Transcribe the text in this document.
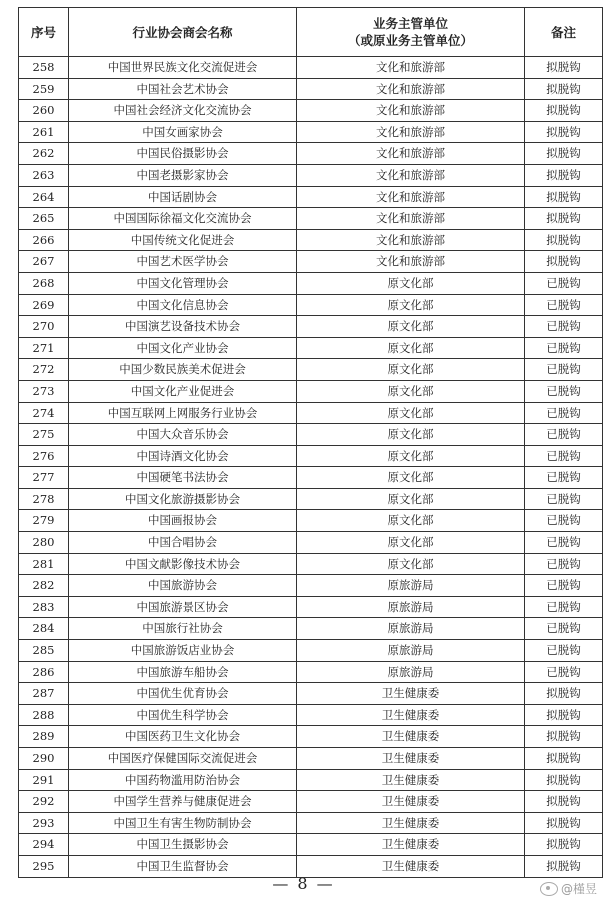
序号	行业协会商会名称	业务主管单位
（或原业务主管单位）	备注
258	中国世界民族文化交流促进会	文化和旅游部	拟脱钩
259	中国社会艺术协会	文化和旅游部	拟脱钩
260	中国社会经济文化交流协会	文化和旅游部	拟脱钩
261	中国女画家协会	文化和旅游部	拟脱钩
262	中国民俗摄影协会	文化和旅游部	拟脱钩
263	中国老摄影家协会	文化和旅游部	拟脱钩
264	中国话剧协会	文化和旅游部	拟脱钩
265	中国国际徐福文化交流协会	文化和旅游部	拟脱钩
266	中国传统文化促进会	文化和旅游部	拟脱钩
267	中国艺术医学协会	文化和旅游部	拟脱钩
268	中国文化管理协会	原文化部	已脱钩
269	中国文化信息协会	原文化部	已脱钩
270	中国演艺设备技术协会	原文化部	已脱钩
271	中国文化产业协会	原文化部	已脱钩
272	中国少数民族美术促进会	原文化部	已脱钩
273	中国文化产业促进会	原文化部	已脱钩
274	中国互联网上网服务行业协会	原文化部	已脱钩
275	中国大众音乐协会	原文化部	已脱钩
276	中国诗酒文化协会	原文化部	已脱钩
277	中国硬笔书法协会	原文化部	已脱钩
278	中国文化旅游摄影协会	原文化部	已脱钩
279	中国画报协会	原文化部	已脱钩
280	中国合唱协会	原文化部	已脱钩
281	中国文献影像技术协会	原文化部	已脱钩
282	中国旅游协会	原旅游局	已脱钩
283	中国旅游景区协会	原旅游局	已脱钩
284	中国旅行社协会	原旅游局	已脱钩
285	中国旅游饭店业协会	原旅游局	已脱钩
286	中国旅游车船协会	原旅游局	已脱钩
287	中国优生优育协会	卫生健康委	拟脱钩
288	中国优生科学协会	卫生健康委	拟脱钩
289	中国医药卫生文化协会	卫生健康委	拟脱钩
290	中国医疗保健国际交流促进会	卫生健康委	拟脱钩
291	中国药物滥用防治协会	卫生健康委	拟脱钩
292	中国学生营养与健康促进会	卫生健康委	拟脱钩
293	中国卫生有害生物防制协会	卫生健康委	拟脱钩
294	中国卫生摄影协会	卫生健康委	拟脱钩
295	中国卫生监督协会	卫生健康委	拟脱钩
— 8 —	@槿昱
